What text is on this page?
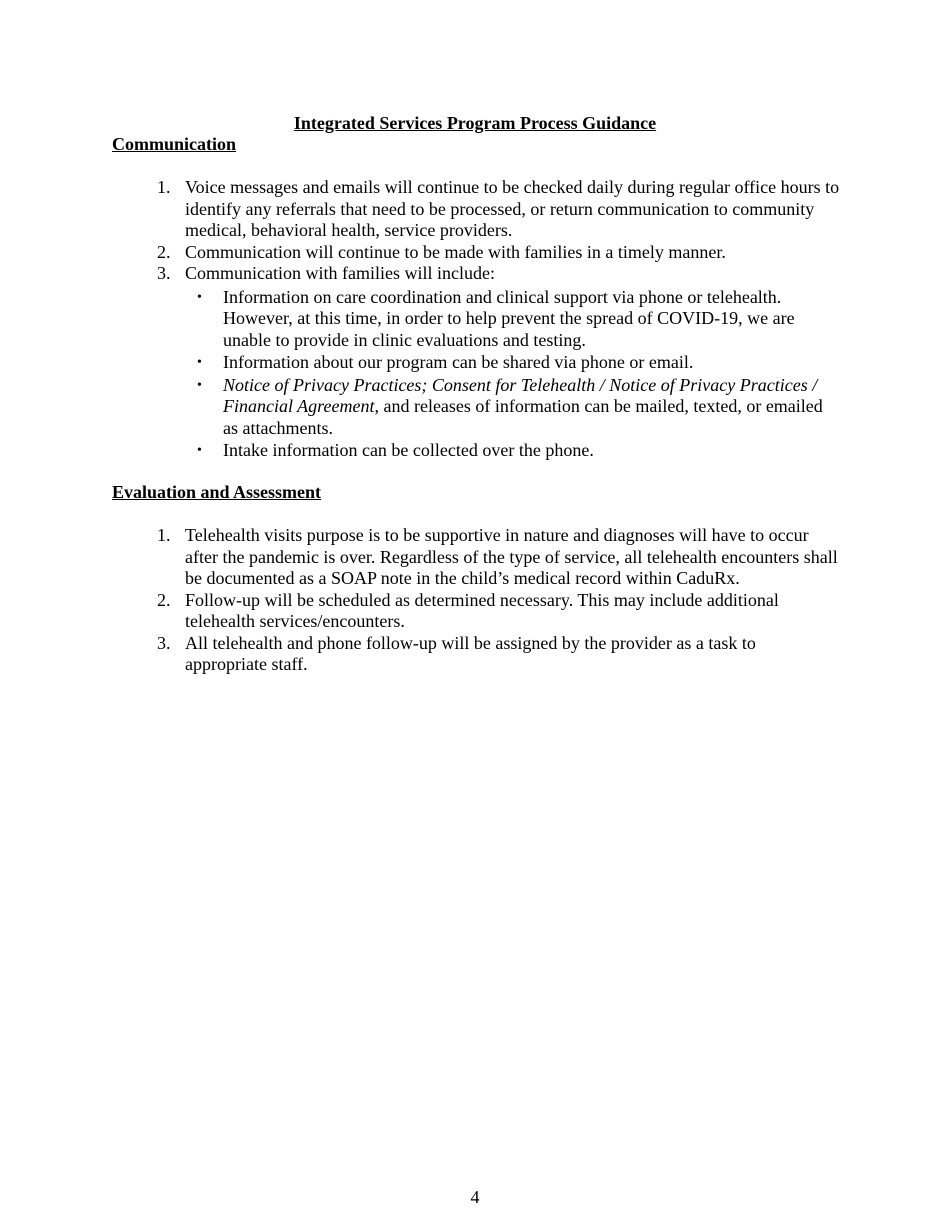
Integrated Services Program Process Guidance
Communication
1. Voice messages and emails will continue to be checked daily during regular office hours to identify any referrals that need to be processed, or return communication to community medical, behavioral health, service providers.
2. Communication will continue to be made with families in a timely manner.
3. Communication with families will include:
• Information on care coordination and clinical support via phone or telehealth. However, at this time, in order to help prevent the spread of COVID-19, we are unable to provide in clinic evaluations and testing.
• Information about our program can be shared via phone or email.
• Notice of Privacy Practices; Consent for Telehealth / Notice of Privacy Practices / Financial Agreement, and releases of information can be mailed, texted, or emailed as attachments.
• Intake information can be collected over the phone.
Evaluation and Assessment
1. Telehealth visits purpose is to be supportive in nature and diagnoses will have to occur after the pandemic is over. Regardless of the type of service, all telehealth encounters shall be documented as a SOAP note in the child’s medical record within CaduRx.
2. Follow-up will be scheduled as determined necessary. This may include additional telehealth services/encounters.
3. All telehealth and phone follow-up will be assigned by the provider as a task to appropriate staff.

4
